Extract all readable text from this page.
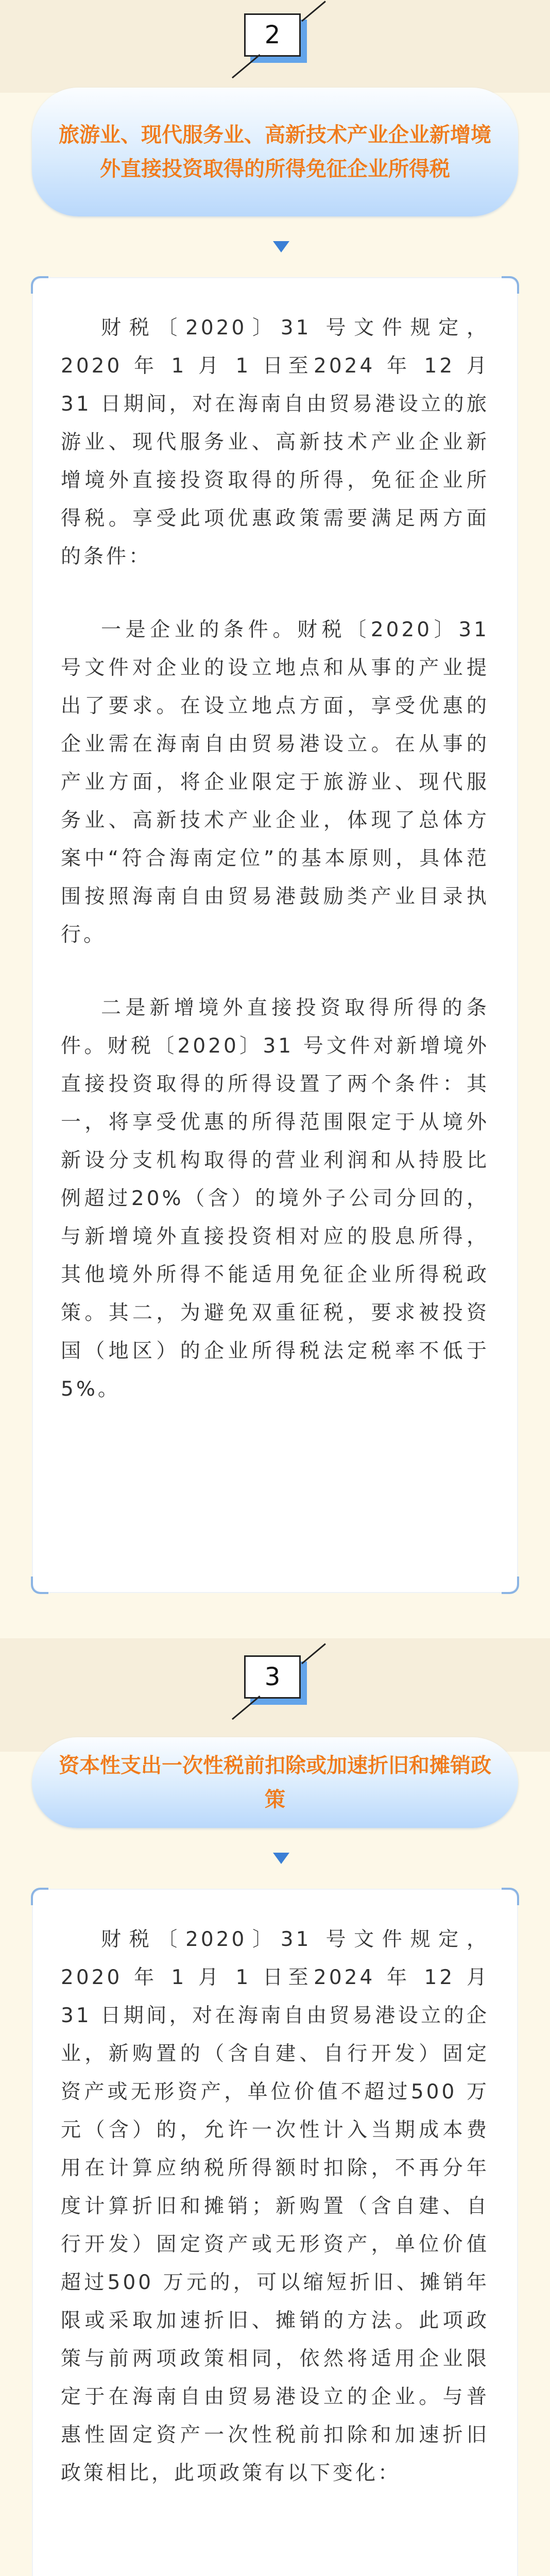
2
旅游业、现代服务业、高新技术产业企业新增境外直接投资取得的所得免征企业所得税

财税〔2020〕31 号文件规定，2020 年 1 月 1 日至2024 年 12 月 31 日期间，对在海南自由贸易港设立的旅游业、现代服务业、高新技术产业企业新增境外直接投资取得的所得，免征企业所得税。享受此项优惠政策需要满足两方面的条件：

一是企业的条件。财税〔2020〕31 号文件对企业的设立地点和从事的产业提出了要求。在设立地点方面，享受优惠的企业需在海南自由贸易港设立。在从事的产业方面，将企业限定于旅游业、现代服务业、高新技术产业企业，体现了总体方案中“符合海南定位”的基本原则，具体范围按照海南自由贸易港鼓励类产业目录执行。

二是新增境外直接投资取得所得的条件。财税〔2020〕31 号文件对新增境外直接投资取得的所得设置了两个条件：其一，将享受优惠的所得范围限定于从境外新设分支机构取得的营业利润和从持股比例超过20%（含）的境外子公司分回的，与新增境外直接投资相对应的股息所得，其他境外所得不能适用免征企业所得税政策。其二，为避免双重征税，要求被投资国（地区）的企业所得税法定税率不低于5%。

3
资本性支出一次性税前扣除或加速折旧和摊销政策

财税〔2020〕31 号文件规定，2020 年 1 月 1 日至2024 年 12 月 31 日期间，对在海南自由贸易港设立的企业，新购置的（含自建、自行开发）固定资产或无形资产，单位价值不超过500 万元（含）的，允许一次性计入当期成本费用在计算应纳税所得额时扣除，不再分年度计算折旧和摊销；新购置（含自建、自行开发）固定资产或无形资产，单位价值超过500 万元的，可以缩短折旧、摊销年限或采取加速折旧、摊销的方法。此项政策与前两项政策相同，依然将适用企业限定于在海南自由贸易港设立的企业。与普惠性固定资产一次性税前扣除和加速折旧政策相比，此项政策有以下变化：
